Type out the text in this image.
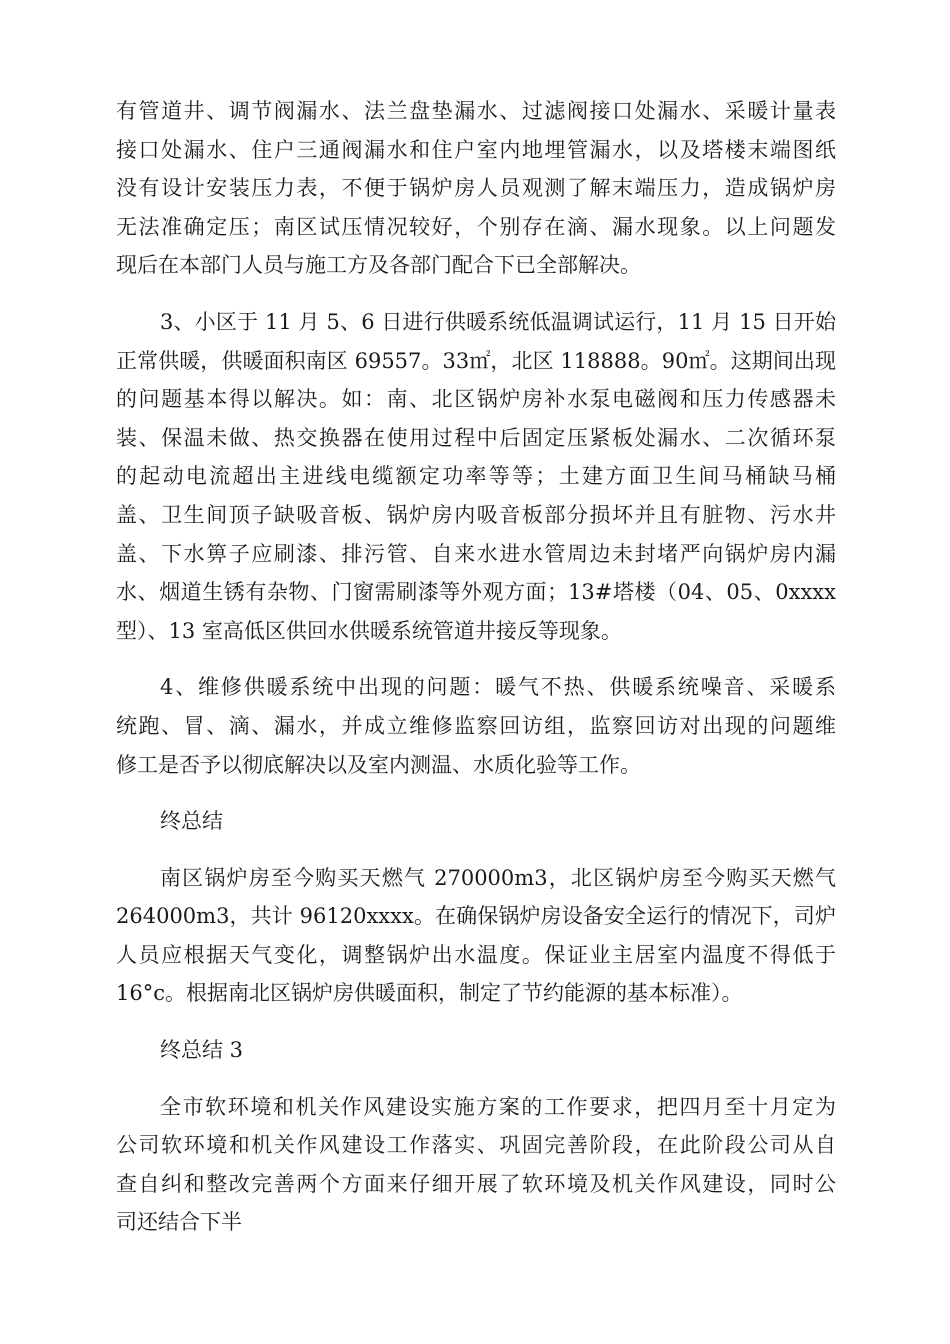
有管道井、调节阀漏水、法兰盘垫漏水、过滤阀接口处漏水、采暖计量表
接口处漏水、住户三通阀漏水和住户室内地埋管漏水，以及塔楼末端图纸
没有设计安装压力表，不便于锅炉房人员观测了解末端压力，造成锅炉房
无法准确定压；南区试压情况较好，个别存在滴、漏水现象。以上问题发
现后在本部门人员与施工方及各部门配合下已全部解决。
3、小区于 11 月 5、6 日进行供暖系统低温调试运行，11 月 15 日开始
正常供暖，供暖面积南区 69557。33㎡，北区 118888。90㎡。这期间出现
的问题基本得以解决。如：南、北区锅炉房补水泵电磁阀和压力传感器未
装、保温未做、热交换器在使用过程中后固定压紧板处漏水、二次循环泵
的起动电流超出主进线电缆额定功率等等；土建方面卫生间马桶缺马桶
盖、卫生间顶子缺吸音板、锅炉房内吸音板部分损坏并且有脏物、污水井
盖、下水箅子应刷漆、排污管、自来水进水管周边未封堵严向锅炉房内漏
水、烟道生锈有杂物、门窗需刷漆等外观方面；13#塔楼（04、05、0xxxx
型）、13 室高低区供回水供暖系统管道井接反等现象。
4、维修供暖系统中出现的问题：暖气不热、供暖系统噪音、采暖系
统跑、冒、滴、漏水，并成立维修监察回访组，监察回访对出现的问题维
修工是否予以彻底解决以及室内测温、水质化验等工作。
终总结
南区锅炉房至今购买天燃气 270000m3，北区锅炉房至今购买天燃气
264000m3，共计 96120xxxx。在确保锅炉房设备安全运行的情况下，司炉
人员应根据天气变化，调整锅炉出水温度。保证业主居室内温度不得低于
16°c。根据南北区锅炉房供暖面积，制定了节约能源的基本标准）。
终总结 3
全市软环境和机关作风建设实施方案的工作要求，把四月至十月定为
公司软环境和机关作风建设工作落实、巩固完善阶段，在此阶段公司从自
查自纠和整改完善两个方面来仔细开展了软环境及机关作风建设，同时公
司还结合下半
